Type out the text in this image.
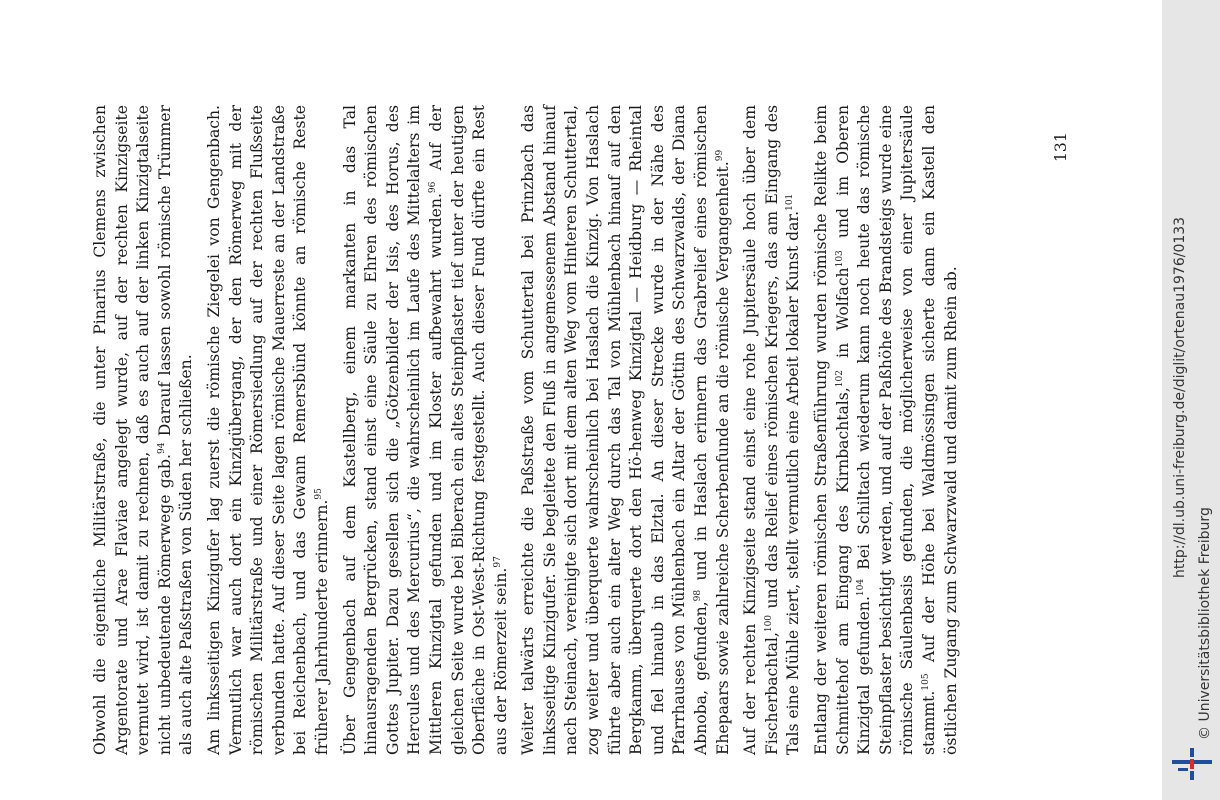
Obwohl die eigentliche Militärstraße, die unter Pinarius Clemens zwischen Argentorate und Arae Flaviae angelegt wurde, auf der rechten Kinzigseite vermutet wird, ist damit zu rechnen, daß es auch auf der linken Kinzigtalseite nicht unbedeutende Römerwege gab.$^{94}$ Darauf lassen sowohl römische Trümmer als auch alte Paßstraßen von Süden her schließen. Am linksseitigen Kinzigufer lag zuerst die römische Ziegelei von Gengenbach. Vermutlich war auch dort ein Kinzigübergang, der den Römerweg mit der römischen Militärstraße und einer Römersiedlung auf der rechten Flußseite verbunden hatte. Auf dieser Seite lagen römische Mauerreste an der Landstraße bei Reichenbach, und das Gewann Remersbünd könnte an römische Reste früherer Jahrhunderte erinnern.$^{95}$	Über Gengenbach auf dem Kastellberg, einem markanten in das Tal hinausragenden Bergrücken, stand einst eine Säule zu Ehren des römischen Gottes Jupiter. Dazu gesellen sich die „Götzenbilder der Isis, des Horus, des Hercules und des Mercurius“, die wahrscheinlich im Laufe des Mittelalters im Mittleren Kinzigtal gefunden und im Kloster aufbewahrt wurden.$^{96}$ Auf der gleichen Seite wurde bei Biberach ein altes Steinpflaster tief unter der heutigen Oberfläche in Ost-West-Richtung festgestellt. Auch dieser Fund dürfte ein Rest aus der Römerzeit sein.$^{97}$	Weiter talwärts erreichte die Paßstraße vom Schuttertal bei Prinzbach das linksseitige Kinzigufer. Sie begleitete den Fluß in angemessenem Abstand hinauf nach Steinach, vereinigte sich dort mit dem alten Weg vom Hinteren Schuttertal, zog weiter und überquerte wahrscheinlich bei Haslach die Kinzig. Von Haslach führte aber auch ein alter Weg durch das Tal von Mühlenbach hinauf auf den Bergkamm, überquerte dort den Hö-henweg Kinzigtal — Heidburg — Rheintal und fiel hinaub in das Elztal. An dieser Strecke wurde in der Nähe des Pfarrhauses von Mühlenbach ein Altar der Göttin des Schwarzwalds, der Diana Abnoba, gefunden,$^{98}$ und in Haslach erinnern das Grabrelief eines römischen Ehepaars sowie zahlreiche Scherbenfunde an die römische Vergangenheit.$^{99}$	Auf der rechten Kinzigseite stand einst eine rohe Jupitersäule hoch über dem Fischerbachtal,$^{100}$ und das Relief eines römischen Kriegers, das am Eingang des Tals eine Mühle ziert, stellt vermutlich eine Arbeit lokaler Kunst dar.$^{101}$	Entlang der weiteren römischen Straßenführung wurden römische Relikte beim Schmittehof am Eingang des Kirnbachtals,$^{102}$ in Wolfach$^{103}$ und im Oberen Kinzigtal gefunden.$^{104}$ Bei Schiltach wiederum kann noch heute das römische Steinpflaster besichtigt werden, und auf der Paßhöhe des Brandsteigs wurde eine römische Säulenbasis gefunden, die möglicherweise von einer Jupitersäule stammt.$^{105}$ Auf der Höhe bei Waldmössingen sicherte dann ein Kastell den östlichen Zugang zum Schwarzwald und damit zum Rhein ab.

131
http://dl.ub.uni-freiburg.de/diglit/ortenau1976/0133
© Universitätsbibliothek Freiburg
